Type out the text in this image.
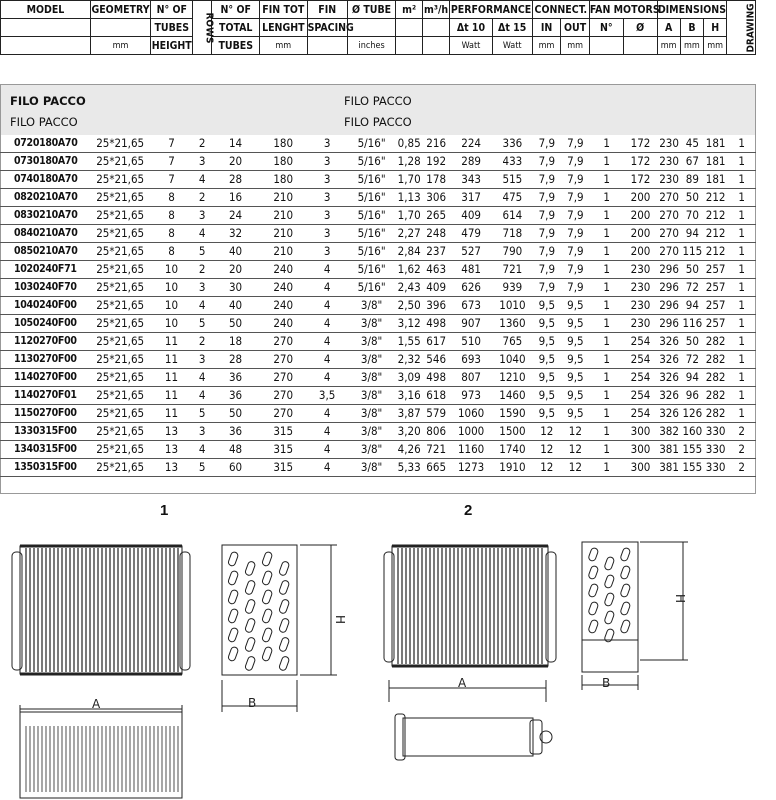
MODEL	GEOMETRY	N° OF	ROWS	N° OF	FIN TOT	FIN	Ø TUBE	m²	m³/h	PERFORMANCE		CONNECT.		FAN MOTORS		DIMENSIONS			DRAWING
		TUBES		TOTAL	LENGHT	SPACING				Δt 10	Δt 15	IN	OUT	N°	Ø	A	B	H	
	mm	HEIGHT		TUBES	mm		inches			Watt	Watt	mm	mm			mm	mm	mm	
FILO PACCO
FILO PACCO
FILO PACCO
FILO PACCO
0720180A70	25*21,65	7	2	14	180	3	5/16"	0,85	216	224	336	7,9	7,9	1	172	230	45	181	1
0730180A70	25*21,65	7	3	20	180	3	5/16"	1,28	192	289	433	7,9	7,9	1	172	230	67	181	1
0740180A70	25*21,65	7	4	28	180	3	5/16"	1,70	178	343	515	7,9	7,9	1	172	230	89	181	1
0820210A70	25*21,65	8	2	16	210	3	5/16"	1,13	306	317	475	7,9	7,9	1	200	270	50	212	1
0830210A70	25*21,65	8	3	24	210	3	5/16"	1,70	265	409	614	7,9	7,9	1	200	270	70	212	1
0840210A70	25*21,65	8	4	32	210	3	5/16"	2,27	248	479	718	7,9	7,9	1	200	270	94	212	1
0850210A70	25*21,65	8	5	40	210	3	5/16"	2,84	237	527	790	7,9	7,9	1	200	270	115	212	1
1020240F71	25*21,65	10	2	20	240	4	5/16"	1,62	463	481	721	7,9	7,9	1	230	296	50	257	1
1030240F70	25*21,65	10	3	30	240	4	5/16"	2,43	409	626	939	7,9	7,9	1	230	296	72	257	1
1040240F00	25*21,65	10	4	40	240	4	3/8"	2,50	396	673	1010	9,5	9,5	1	230	296	94	257	1
1050240F00	25*21,65	10	5	50	240	4	3/8"	3,12	498	907	1360	9,5	9,5	1	230	296	116	257	1
1120270F00	25*21,65	11	2	18	270	4	3/8"	1,55	617	510	765	9,5	9,5	1	254	326	50	282	1
1130270F00	25*21,65	11	3	28	270	4	3/8"	2,32	546	693	1040	9,5	9,5	1	254	326	72	282	1
1140270F00	25*21,65	11	4	36	270	4	3/8"	3,09	498	807	1210	9,5	9,5	1	254	326	94	282	1
1140270F01	25*21,65	11	4	36	270	3,5	3/8"	3,16	618	973	1460	9,5	9,5	1	254	326	96	282	1
1150270F00	25*21,65	11	5	50	270	4	3/8"	3,87	579	1060	1590	9,5	9,5	1	254	326	126	282	1
1330315F00	25*21,65	13	3	36	315	4	3/8"	3,20	806	1000	1500	12	12	1	300	382	160	330	2
1340315F00	25*21,65	13	4	48	315	4	3/8"	4,26	721	1160	1740	12	12	1	300	381	155	330	2
1350315F00	25*21,65	13	5	60	315	4	3/8"	5,33	665	1273	1910	12	12	1	300	381	155	330	2
1	2
H
B
A
H
B
A
